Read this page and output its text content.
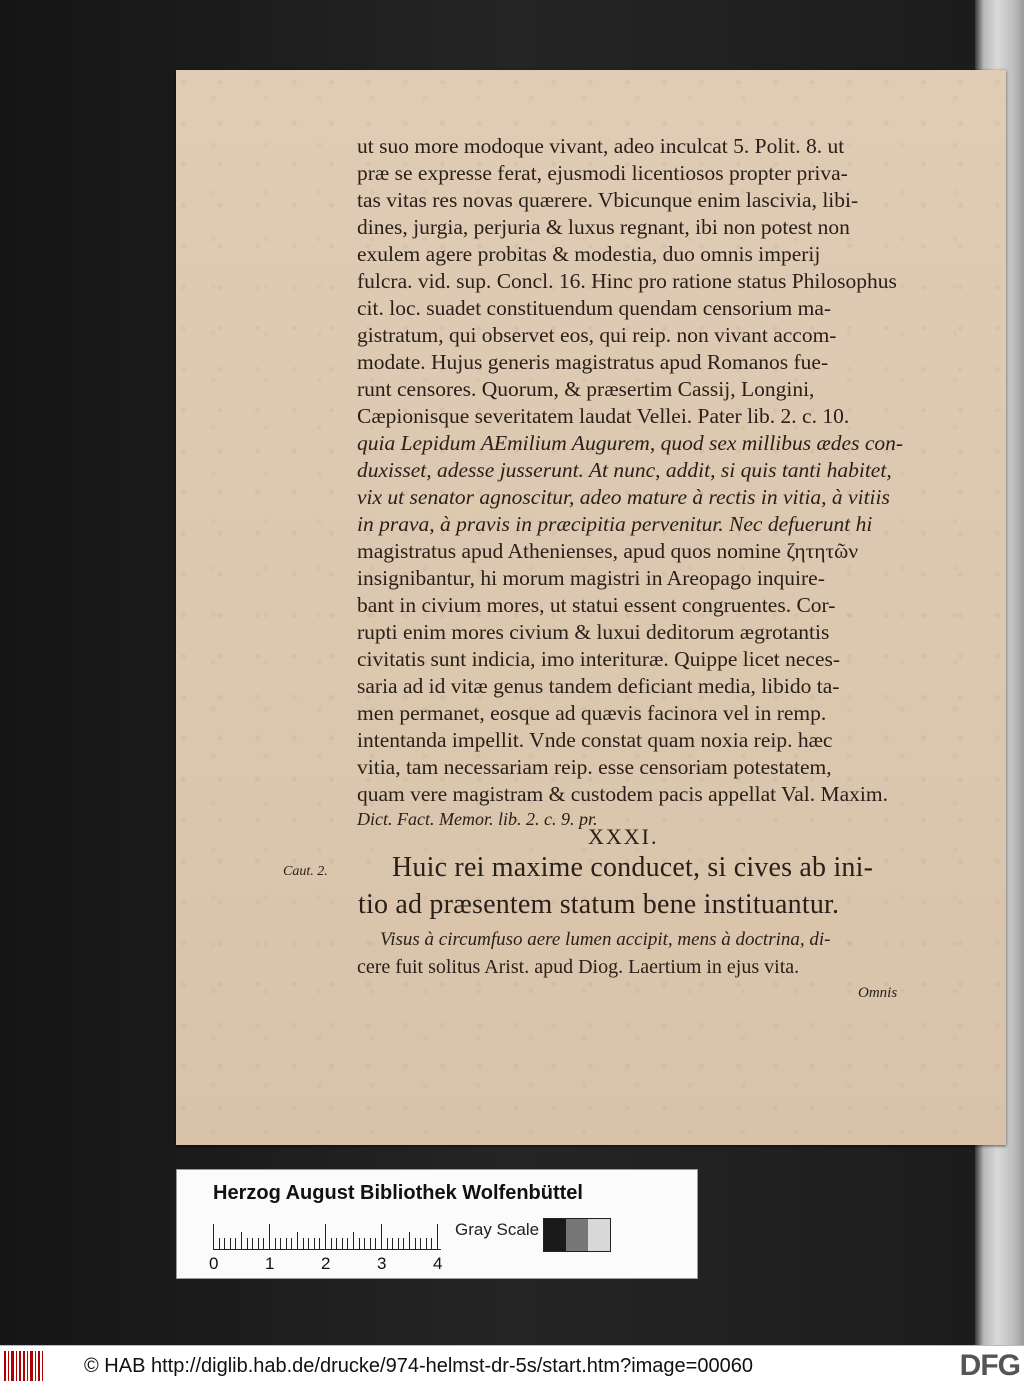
ut suo more modoque vivant, adeo inculcat 5. Polit. 8. ut
præ se expresse ferat, ejusmodi licentiosos propter priva-
tas vitas res novas quærere. Vbicunque enim lascivia, libi-
dines, jurgia, perjuria & luxus regnant, ibi non potest non
exulem agere probitas & modestia, duo omnis imperij
fulcra. vid. sup. Concl. 16. Hinc pro ratione status Philosophus
cit. loc. suadet constituendum quendam censorium ma-
gistratum, qui observet eos, qui reip. non vivant accom-
modate. Hujus generis magistratus apud Romanos fue-
runt censores. Quorum, & præsertim Cassij, Longini,
Cæpionisque severitatem laudat Vellei. Pater lib. 2. c. 10.
quia Lepidum AEmilium Augurem, quod sex millibus ædes con-
duxisset, adesse jusserunt. At nunc, addit, si quis tanti habitet,
vix ut senator agnoscitur, adeo mature à rectis in vitia, à vitiis
in prava, à pravis in præcipitia pervenitur. Nec defuerunt hi
magistratus apud Athenienses, apud quos nomine ζητητῶν
insignibantur, hi morum magistri in Areopago inquire-
bant in civium mores, ut statui essent congruentes. Cor-
rupti enim mores civium & luxui deditorum ægrotantis
civitatis sunt indicia, imo interituræ. Quippe licet neces-
saria ad id vitæ genus tandem deficiant media, libido ta-
men permanet, eosque ad quævis facinora vel in remp.
intentanda impellit. Vnde constat quam noxia reip. hæc
vitia, tam necessariam reip. esse censoriam potestatem,
quam vere magistram & custodem pacis appellat Val. Maxim.
Dict. Fact. Memor. lib. 2. c. 9. pr.
XXXI.
Caut. 2. Huic rei maxime conducet, si cives ab ini-
tio ad præsentem statum bene instituantur.
Visus à circumfuso aere lumen accipit, mens à doctrina, di-
cere fuit solitus Arist. apud Diog. Laertium in ejus vita.
Omnis
Herzog August Bibliothek Wolfenbüttel
0	1	2	3	4
Gray Scale
© HAB http://diglib.hab.de/drucke/974-helmst-dr-5s/start.htm?image=00060	DFG
